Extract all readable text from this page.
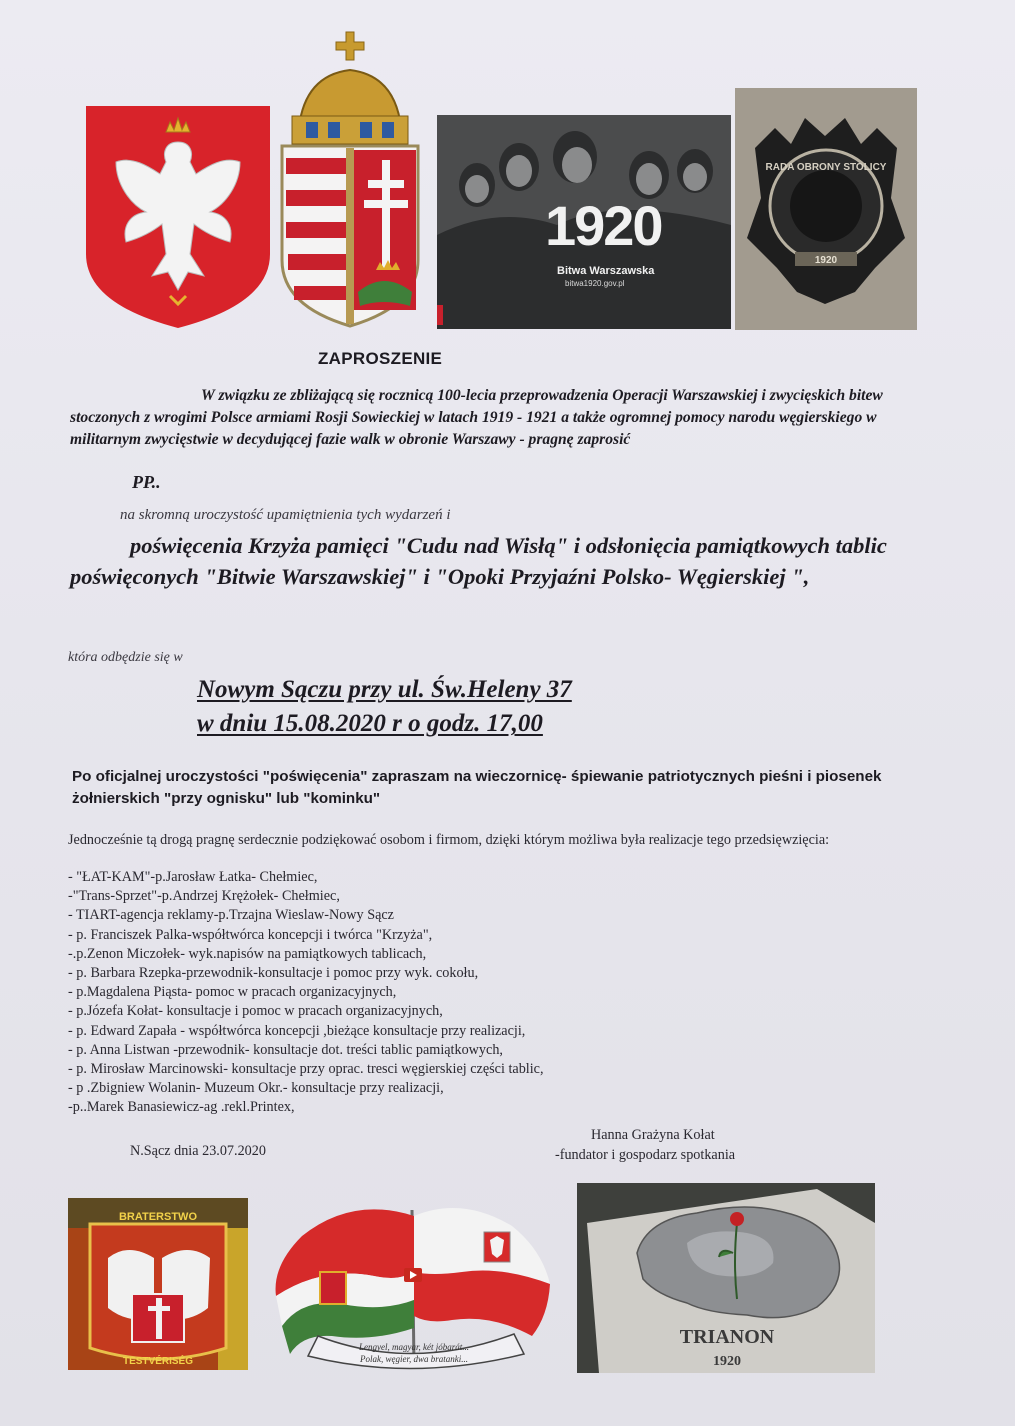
1920
Bitwa Warszawska
bitwa1920.gov.pl
RADA OBRONY STOLICY
1920
ZAPROSZENIE
W związku ze zbliżającą się rocznicą 100-lecia przeprowadzenia Operacji Warszawskiej i zwycięskich bitew stoczonych z wrogimi Polsce armiami Rosji Sowieckiej w latach 1919 - 1921 a także ogromnej pomocy narodu węgierskiego w militarnym zwycięstwie w decydującej fazie walk w obronie Warszawy - pragnę zaprosić
PP..
na skromną uroczystość upamiętnienia tych wydarzeń i
poświęcenia Krzyża pamięci "Cudu nad Wisłą" i odsłonięcia pamiątkowych tablic poświęconych "Bitwie Warszawskiej" i "Opoki Przyjaźni Polsko- Węgierskiej ",
która odbędzie się w
Nowym Sączu przy ul. Św.Heleny 37
w dniu 15.08.2020 r o godz. 17,00
Po oficjalnej uroczystości "poświęcenia" zapraszam na wieczornicę- śpiewanie patriotycznych pieśni i piosenek żołnierskich "przy ognisku" lub "kominku"
Jednocześnie tą drogą pragnę serdecznie podziękować osobom i firmom, dzięki którym możliwa była realizacje tego przedsięwzięcia:
- "ŁAT-KAM"-p.Jarosław Łatka- Chełmiec,
-"Trans-Sprzet"-p.Andrzej Krężołek- Chełmiec,
- TIART-agencja reklamy-p.Trzajna Wieslaw-Nowy Sącz
- p. Franciszek Palka-współtwórca koncepcji i twórca "Krzyża",
-.p.Zenon Miczołek- wyk.napisów na pamiątkowych tablicach,
- p. Barbara Rzepka-przewodnik-konsultacje i pomoc przy wyk. cokołu,
- p.Magdalena Piąsta- pomoc w pracach organizacyjnych,
- p.Józefa Kołat- konsultacje i pomoc w pracach organizacyjnych,
- p. Edward Zapała - współtwórca koncepcji ,bieżące konsultacje przy realizacji,
- p. Anna Listwan -przewodnik- konsultacje dot. treści tablic pamiątkowych,
- p. Mirosław Marcinowski- konsultacje przy oprac. tresci węgierskiej części tablic,
- p .Zbigniew Wolanin- Muzeum Okr.- konsultacje przy realizacji,
-p..Marek Banasiewicz-ag .rekl.Printex,
N.Sącz dnia 23.07.2020
Hanna Grażyna Kołat
-fundator i gospodarz spotkania
BRATERSTWO
TESTVÉRISÉG
Lengyel, magyar, két jóbarát...
Polak, węgier, dwa bratanki...
TRIANON
1920
